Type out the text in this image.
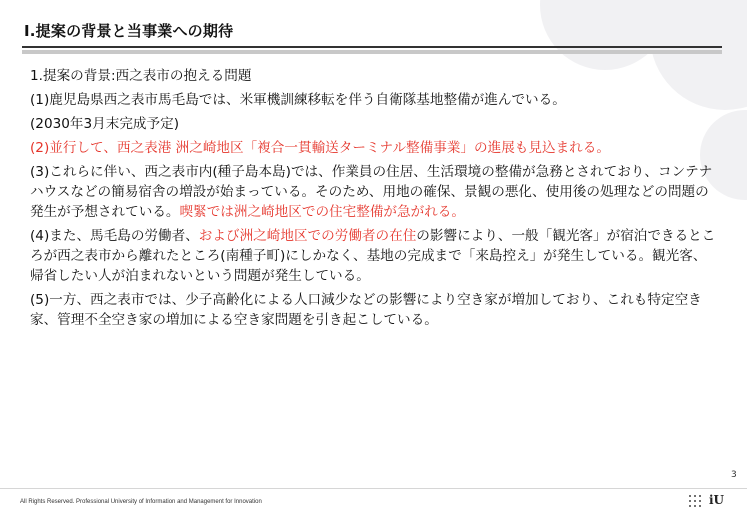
Ⅰ.提案の背景と当事業への期待

1.提案の背景:西之表市の抱える問題

(1)鹿児島県西之表市馬毛島では、米軍機訓練移転を伴う自衛隊基地整備が進んでいる。

(2030年3月末完成予定)

(2)並行して、西之表港 洲之崎地区「複合一貫輸送ターミナル整備事業」の進展も見込まれる。

(3)これらに伴い、西之表市内(種子島本島)では、作業員の住居、生活環境の整備が急務とされており、コンテナハウスなどの簡易宿舎の増設が始まっている。そのため、用地の確保、景観の悪化、使用後の処理などの問題の発生が予想されている。喫緊では洲之崎地区での住宅整備が急がれる。

(4)また、馬毛島の労働者、および洲之崎地区での労働者の在住の影響により、一般「観光客」が宿泊できるところが西之表市から離れたところ(南種子町)にしかなく、基地の完成まで「来島控え」が発生している。観光客、帰省したい人が泊まれないという問題が発生している。

(5)一方、西之表市では、少子高齢化による人口減少などの影響により空き家が増加しており、これも特定空き家、管理不全空き家の増加による空き家問題を引き起こしている。

3
All Rights Reserved. Professional University of Information and Management for Innovation	iU
